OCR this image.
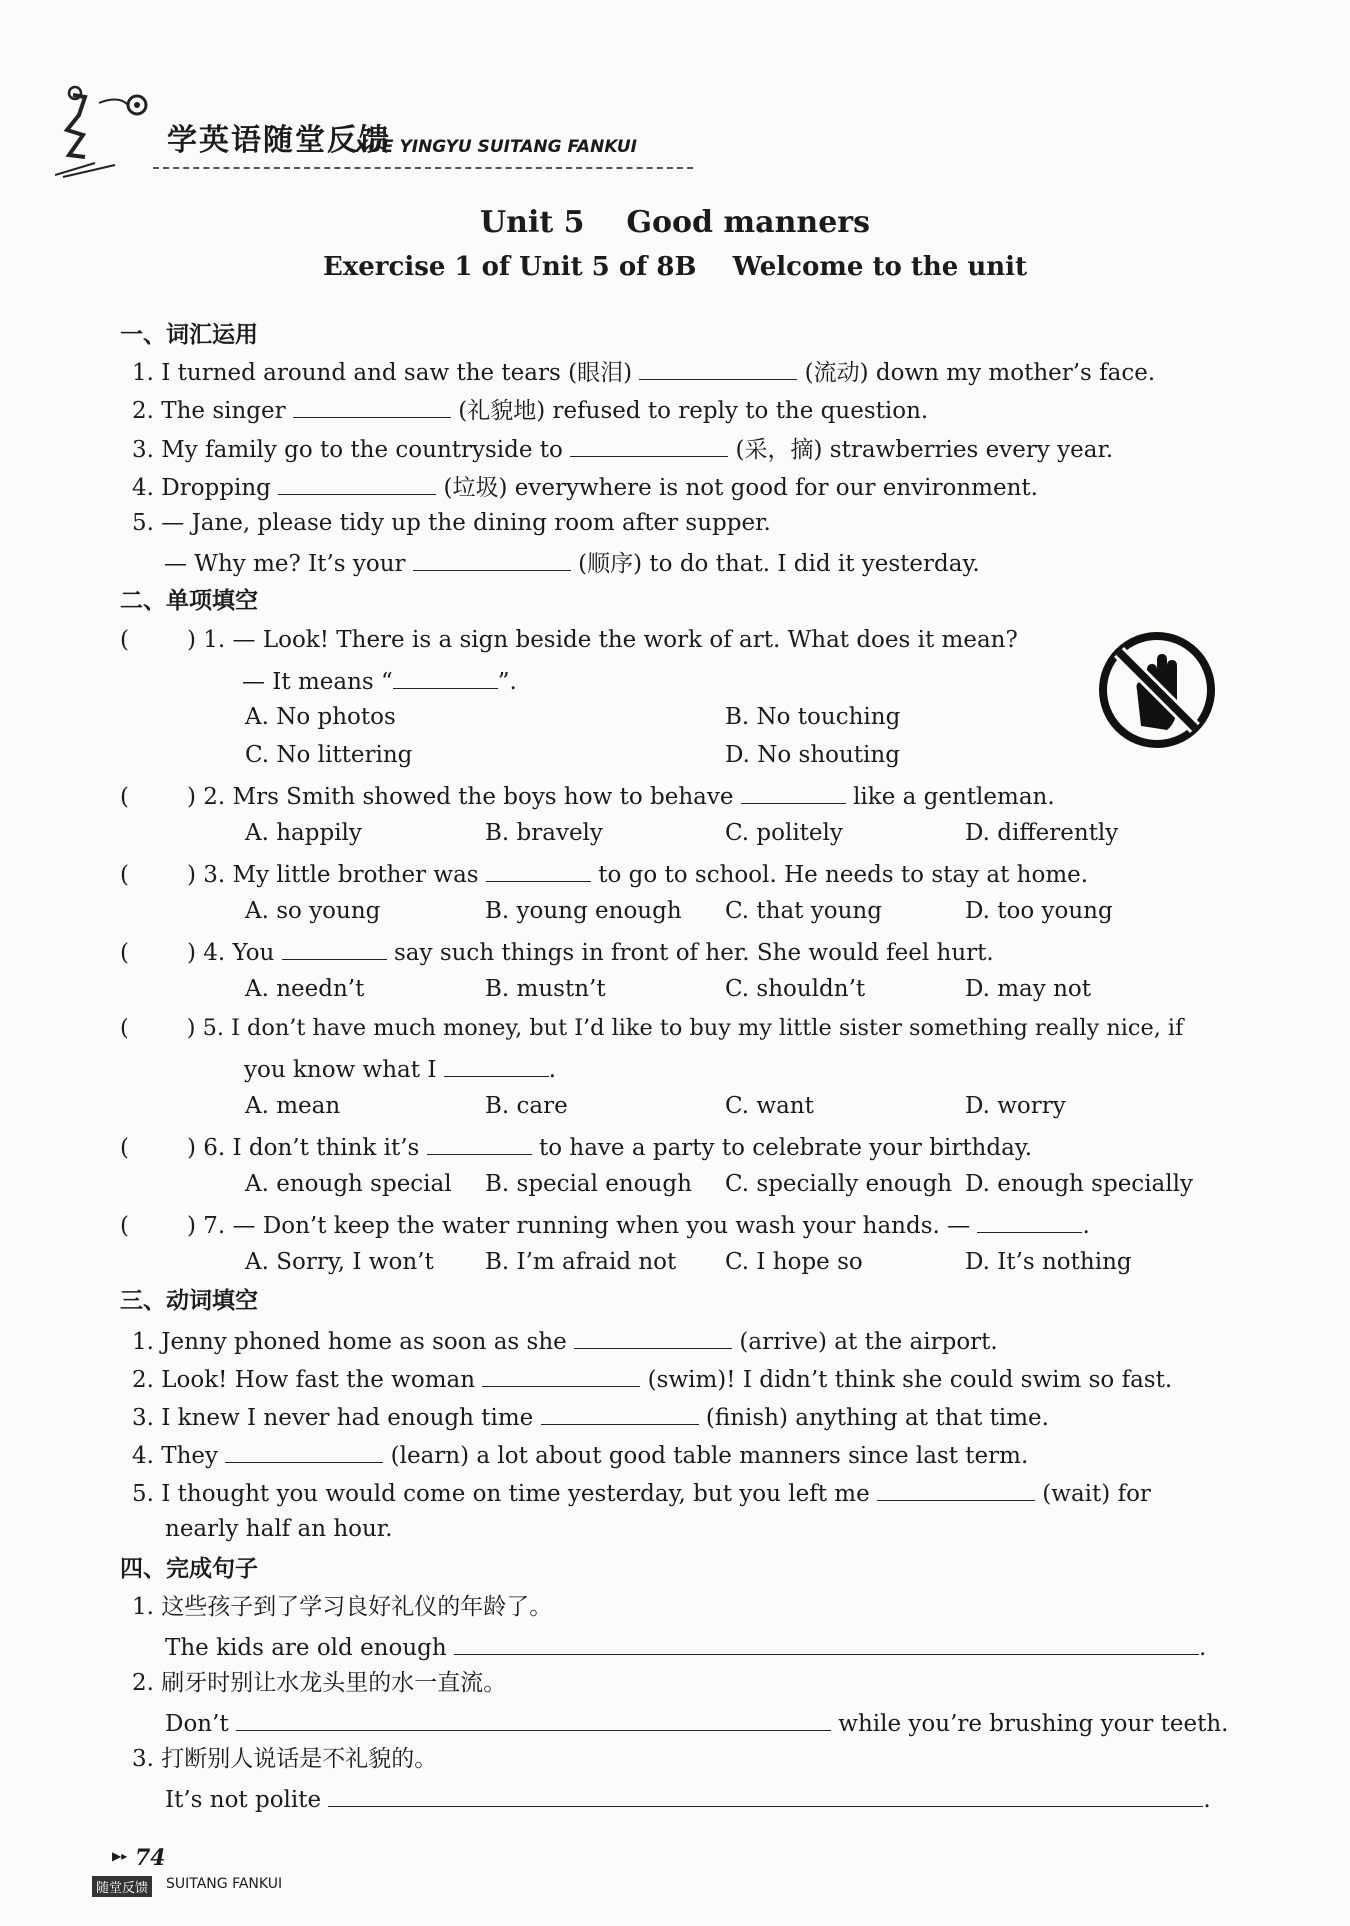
学英语随堂反馈
XUE YINGYU SUITANG FANKUI
Unit 5    Good manners
Exercise 1 of Unit 5 of 8B    Welcome to the unit
一、词汇运用
1. I turned around and saw the tears (眼泪)	(流动) down my mother’s face.
2. The singer	(礼貌地) refused to reply to the question.
3. My family go to the countryside to	(采，摘) strawberries every year.
4. Dropping	(垃圾) everywhere is not good for our environment.
5. — Jane, please tidy up the dining room after supper.
— Why me? It’s your	(顺序) to do that. I did it yesterday.
二、单项填空
(	) 1. — Look! There is a sign beside the work of art. What does it mean?
— It means “	”.
A. No photos	B. No touching
C. No littering	D. No shouting
(	) 2. Mrs Smith showed the boys how to behave	like a gentleman.
A. happily	B. bravely	C. politely	D. differently
(	) 3. My little brother was	to go to school. He needs to stay at home.
A. so young	B. young enough C. that young	D. too young
(	) 4. You	say such things in front of her. She would feel hurt.
A. needn’t	B. mustn’t	C. shouldn’t	D. may not
(	) 5. I don’t have much money, but I’d like to buy my little sister something really nice, if
you know what I	.
A. mean	B. care	C. want	D. worry
(	) 6. I don’t think it’s	to have a party to celebrate your birthday.
A. enough special B. special enough C. specially enough D. enough specially
(	) 7. — Don’t keep the water running when you wash your hands. —	.
A. Sorry, I won’t B. I’m afraid not C. I hope so	D. It’s nothing
三、动词填空
1. Jenny phoned home as soon as she	(arrive) at the airport.
2. Look! How fast the woman	(swim)! I didn’t think she could swim so fast.
3. I knew I never had enough time	(finish) anything at that time.
4. They	(learn) a lot about good table manners since last term.
5. I thought you would come on time yesterday, but you left me	(wait) for
nearly half an hour.
四、完成句子
1. 这些孩子到了学习良好礼仪的年龄了。
The kids are old enough	.
2. 刷牙时别让水龙头里的水一直流。
Don’t	while you’re brushing your teeth.
3. 打断别人说话是不礼貌的。
It’s not polite	.
▶▸ 74
随堂反馈 SUITANG FANKUI
